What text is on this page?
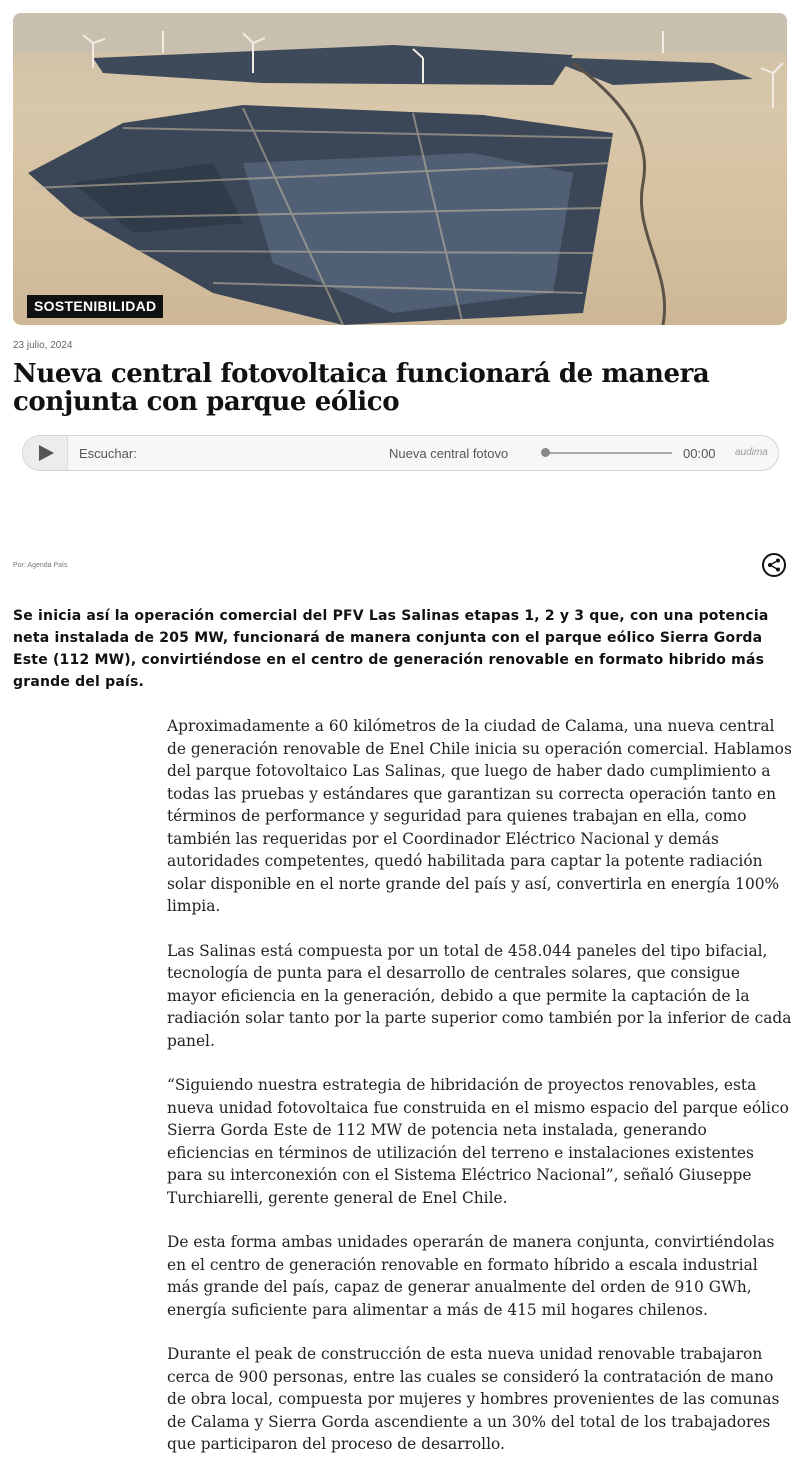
SOSTENIBILIDAD
23 julio, 2024
Nueva central fotovoltaica funcionará de manera conjunta con parque eólico
Escuchar:	Nueva central fotovo	00:00 audima
Por: Agenda País

Se inicia así la operación comercial del PFV Las Salinas etapas 1, 2 y 3 que, con una potencia neta instalada de 205 MW, funcionará de manera conjunta con el parque eólico Sierra Gorda Este (112 MW), convirtiéndose en el centro de generación renovable en formato hibrido más grande del país.

Aproximadamente a 60 kilómetros de la ciudad de Calama, una nueva central de generación renovable de Enel Chile inicia su operación comercial. Hablamos del parque fotovoltaico Las Salinas, que luego de haber dado cumplimiento a todas las pruebas y estándares que garantizan su correcta operación tanto en términos de performance y seguridad para quienes trabajan en ella, como también las requeridas por el Coordinador Eléctrico Nacional y demás autoridades competentes, quedó habilitada para captar la potente radiación solar disponible en el norte grande del país y así, convertirla en energía 100% limpia.

Las Salinas está compuesta por un total de 458.044 paneles del tipo bifacial, tecnología de punta para el desarrollo de centrales solares, que consigue mayor eficiencia en la generación, debido a que permite la captación de la radiación solar tanto por la parte superior como también por la inferior de cada panel.

“Siguiendo nuestra estrategia de hibridación de proyectos renovables, esta nueva unidad fotovoltaica fue construida en el mismo espacio del parque eólico Sierra Gorda Este de 112 MW de potencia neta instalada, generando eficiencias en términos de utilización del terreno e instalaciones existentes para su interconexión con el Sistema Eléctrico Nacional”, señaló Giuseppe Turchiarelli, gerente general de Enel Chile.

De esta forma ambas unidades operarán de manera conjunta, convirtiéndolas en el centro de generación renovable en formato híbrido a escala industrial más grande del país, capaz de generar anualmente del orden de 910 GWh, energía suficiente para alimentar a más de 415 mil hogares chilenos.

Durante el peak de construcción de esta nueva unidad renovable trabajaron cerca de 900 personas, entre las cuales se consideró la contratación de mano de obra local, compuesta por mujeres y hombres provenientes de las comunas de Calama y Sierra Gorda ascendiente a un 30% del total de los trabajadores que participaron del proceso de desarrollo.
